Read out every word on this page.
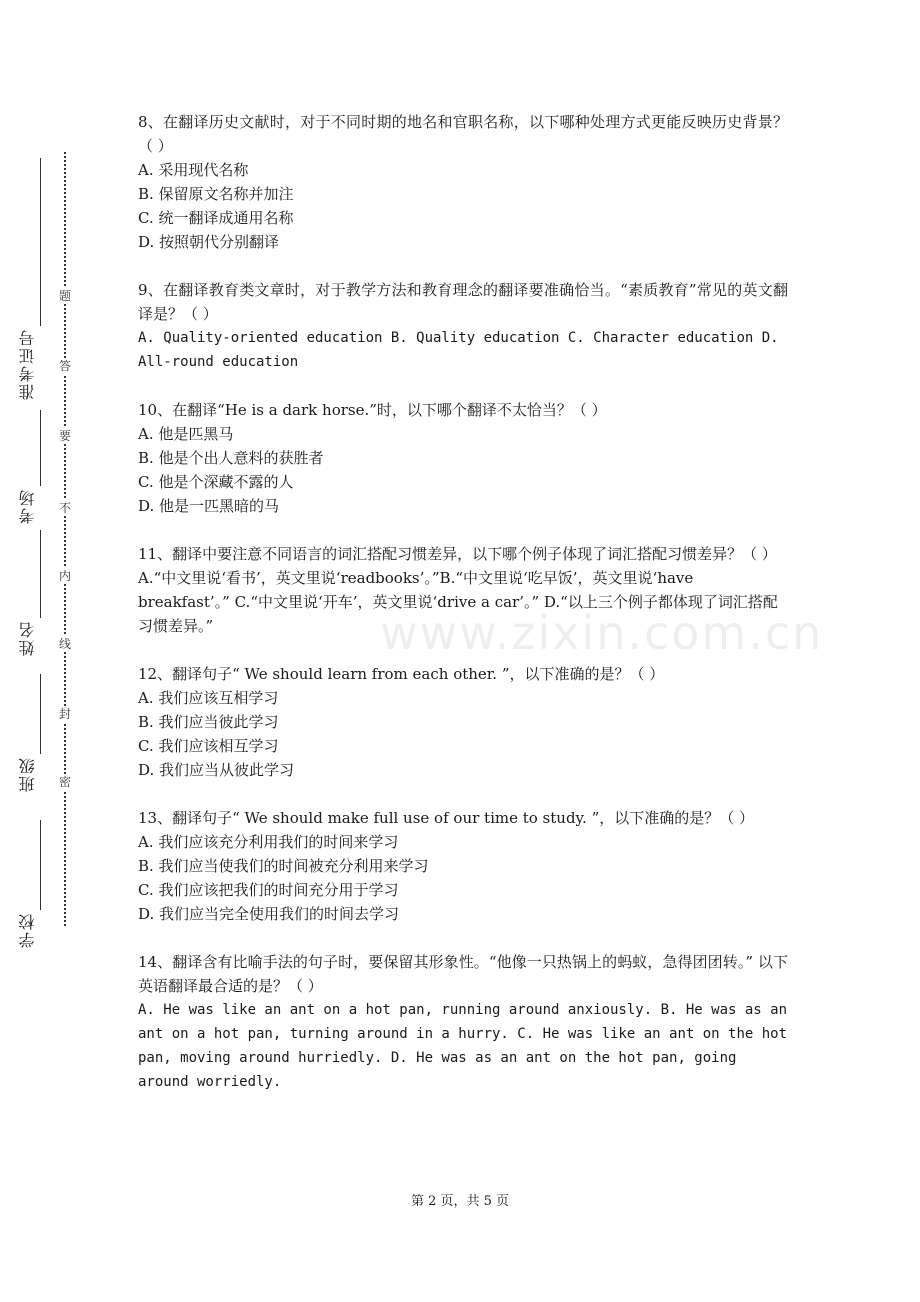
准考证号
考场
姓名
班级
学校
题
答
要
不
内
线
封
密

8、在翻译历史文献时，对于不同时期的地名和官职名称，以下哪种处理方式更能反映历史背景？（ ）

A. 采用现代名称

B. 保留原文名称并加注

C. 统一翻译成通用名称

D. 按照朝代分别翻译

9、在翻译教育类文章时，对于教学方法和教育理念的翻译要准确恰当。“素质教育”常见的英文翻译是？（ ）

A. Quality-oriented education B. Quality education C. Character education D. All-round education

10、在翻译“He is a dark horse.”时，以下哪个翻译不太恰当？（ ）

A. 他是匹黑马

B. 他是个出人意料的获胜者

C. 他是个深藏不露的人

D. 他是一匹黑暗的马

11、翻译中要注意不同语言的词汇搭配习惯差异，以下哪个例子体现了词汇搭配习惯差异？（ ）

A.“中文里说‘看书’，英文里说‘readbooks’。”B.“中文里说‘吃早饭’，英文里说‘have breakfast’。” C.“中文里说‘开车’，英文里说‘drive a car’。” D.“以上三个例子都体现了词汇搭配习惯差异。”

12、翻译句子“ We should learn from each other. ”，以下准确的是？（ ）

A. 我们应该互相学习

B. 我们应当彼此学习

C. 我们应该相互学习

D. 我们应当从彼此学习

13、翻译句子“ We should make full use of our time to study. ”，以下准确的是？（ ）

A. 我们应该充分利用我们的时间来学习

B. 我们应当使我们的时间被充分利用来学习

C. 我们应该把我们的时间充分用于学习

D. 我们应当完全使用我们的时间去学习

14、翻译含有比喻手法的句子时，要保留其形象性。“他像一只热锅上的蚂蚁，急得团团转。” 以下英语翻译最合适的是？（ ）

A. He was like an ant on a hot pan, running around anxiously. B. He was as an ant on a hot pan, turning around in a hurry. C. He was like an ant on the hot pan, moving around hurriedly. D. He was as an ant on the hot pan, going around worriedly.

www.zixin.com.cn
第 2 页，共 5 页
